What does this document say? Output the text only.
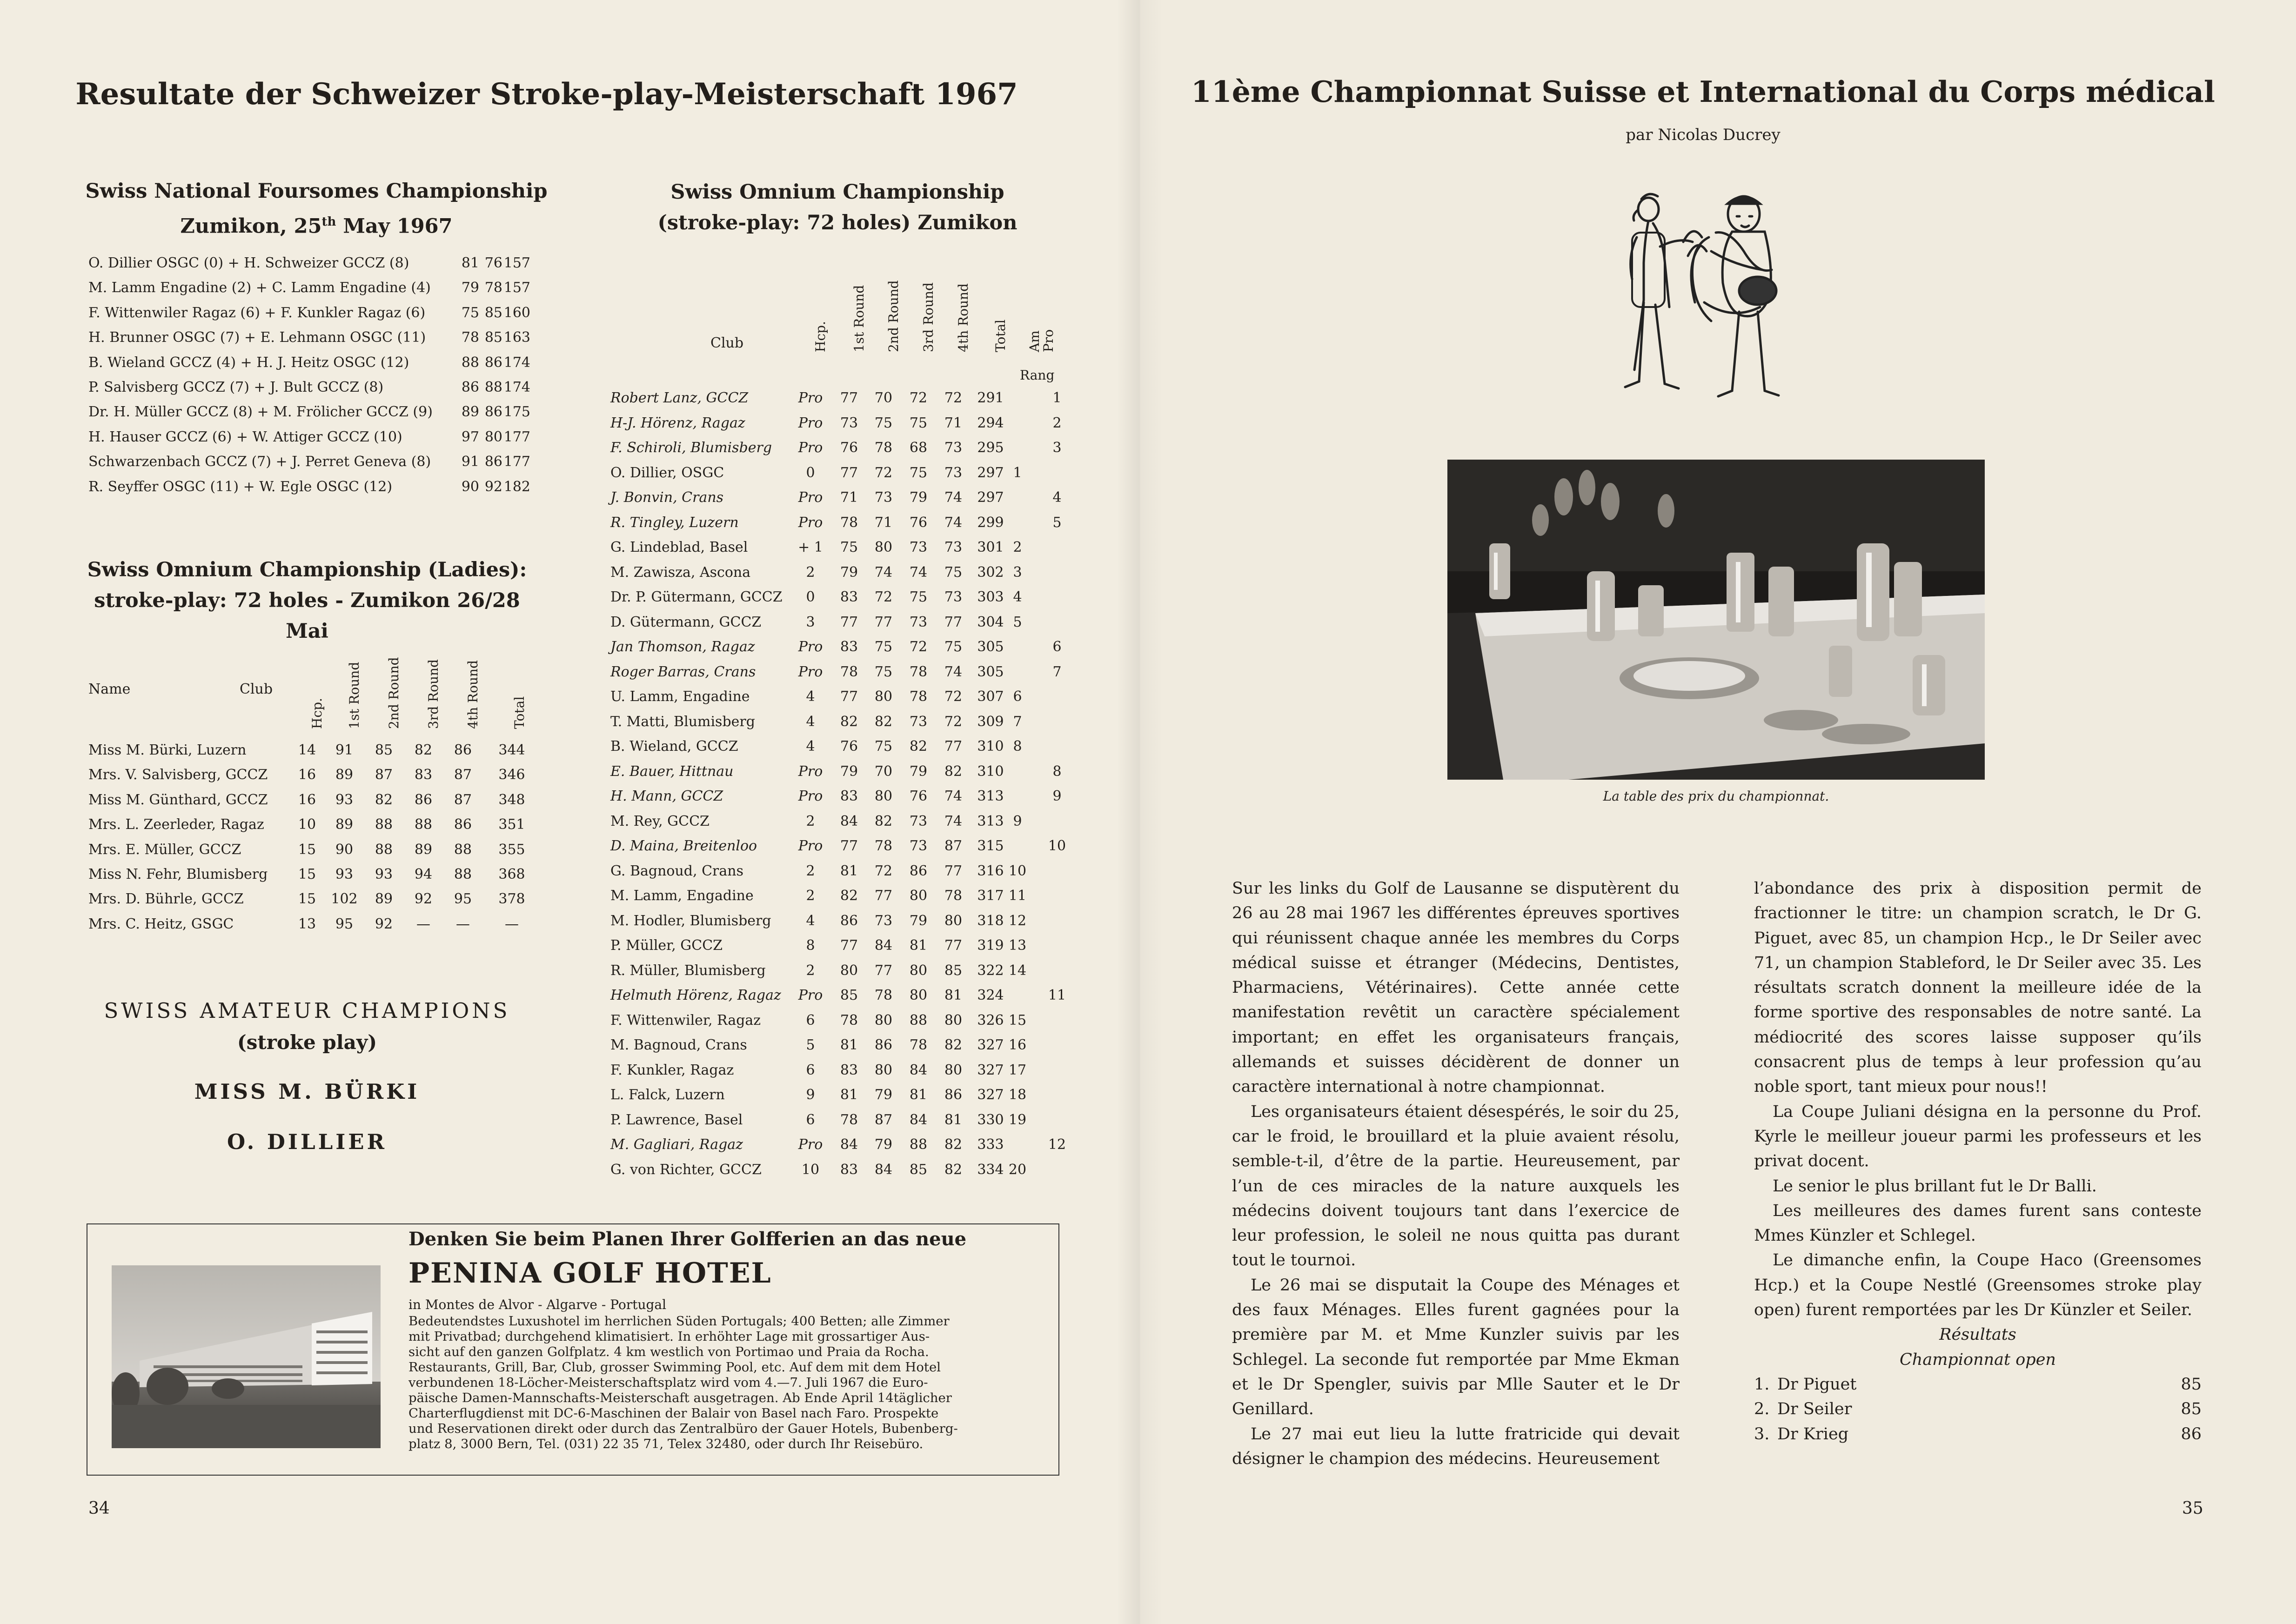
Resultate der Schweizer Stroke-play-Meisterschaft 1967
Swiss National Foursomes Championship
Zumikon, 25th May 1967
O. Dillier OSGC (0) + H. Schweizer GCCZ (8)	81 76 157
M. Lamm Engadine (2) + C. Lamm Engadine (4)	79 78 157
F. Wittenwiler Ragaz (6) + F. Kunkler Ragaz (6)	75 85 160
H. Brunner OSGC (7) + E. Lehmann OSGC (11)	78 85 163
B. Wieland GCCZ (4) + H. J. Heitz OSGC (12)	88 86 174
P. Salvisberg GCCZ (7) + J. Bult GCCZ (8)	86 88 174
Dr. H. Müller GCCZ (8) + M. Frölicher GCCZ (9)	89 86 175
H. Hauser GCCZ (6) + W. Attiger GCCZ (10)	97 80 177
Schwarzenbach GCCZ (7) + J. Perret Geneva (8)	91 86 177
R. Seyffer OSGC (11) + W. Egle OSGC (12)	90 92 182
Swiss Omnium Championship (Ladies):
stroke-play: 72 holes - Zumikon 26/28 Mai
Name	Club
Hcp. 1st Round 2nd Round 3rd Round 4th Round Total
Miss M. Bürki, Luzern	14	91	85	82	86	344
Mrs. V. Salvisberg, GCCZ	16	89	87	83	87	346
Miss M. Günthard, GCCZ	16	93	82	86	87	348
Mrs. L. Zeerleder, Ragaz	10	89	88	88	86	351
Mrs. E. Müller, GCCZ	15	90	88	89	88	355
Miss N. Fehr, Blumisberg	15	93	93	94	88	368
Mrs. D. Bührle, GCCZ	15	102	89	92	95	378
Mrs. C. Heitz, GSGC	13	95	92	—	—	—
SWISS AMATEUR CHAMPIONS
(stroke play)
MISS M. BÜRKI
O. DILLIER
Swiss Omnium Championship
(stroke-play: 72 holes) Zumikon
Club	Hcp. 1st Round 2nd Round 3rd Round 4th Round Total Am
Pro
Rang
Robert Lanz, GCCZ	Pro	77	70	72	72	291	1
H-J. Hörenz, Ragaz	Pro	73	75	75	71	294	2
F. Schiroli, Blumisberg	Pro	76	78	68	73	295	3
O. Dillier, OSGC	0	77	72	75	73	297 1
J. Bonvin, Crans	Pro	71	73	79	74	297	4
R. Tingley, Luzern	Pro	78	71	76	74	299	5
G. Lindeblad, Basel	+ 1	75	80	73	73	301 2
M. Zawisza, Ascona	2	79	74	74	75	302 3
Dr. P. Gütermann, GCCZ	0	83	72	75	73	303 4
D. Gütermann, GCCZ	3	77	77	73	77	304 5
Jan Thomson, Ragaz	Pro	83	75	72	75	305	6
Roger Barras, Crans	Pro	78	75	78	74	305	7
U. Lamm, Engadine	4	77	80	78	72	307 6
T. Matti, Blumisberg	4	82	82	73	72	309 7
B. Wieland, GCCZ	4	76	75	82	77	310 8
E. Bauer, Hittnau	Pro	79	70	79	82	310	8
H. Mann, GCCZ	Pro	83	80	76	74	313	9
M. Rey, GCCZ	2	84	82	73	74	313 9
D. Maina, Breitenloo	Pro	77	78	73	87	315	10
G. Bagnoud, Crans	2	81	72	86	77	316 10
M. Lamm, Engadine	2	82	77	80	78	317 11
M. Hodler, Blumisberg	4	86	73	79	80	318 12
P. Müller, GCCZ	8	77	84	81	77	319 13
R. Müller, Blumisberg	2	80	77	80	85	322 14
Helmuth Hörenz, Ragaz	Pro	85	78	80	81	324	11
F. Wittenwiler, Ragaz	6	78	80	88	80	326 15
M. Bagnoud, Crans	5	81	86	78	82	327 16
F. Kunkler, Ragaz	6	83	80	84	80	327 17
L. Falck, Luzern	9	81	79	81	86	327 18
P. Lawrence, Basel	6	78	87	84	81	330 19
M. Gagliari, Ragaz	Pro	84	79	88	82	333	12
G. von Richter, GCCZ	10	83	84	85	82	334 20
Denken Sie beim Planen Ihrer Golfferien an das neue
PENINA GOLF HOTEL
in Montes de Alvor - Algarve - Portugal
Bedeutendstes Luxushotel im herrlichen Süden Portugals; 400 Betten; alle Zimmer
mit Privatbad; durchgehend klimatisiert. In erhöhter Lage mit grossartiger Aus-
sicht auf den ganzen Golfplatz. 4 km westlich von Portimao und Praia da Rocha.
Restaurants, Grill, Bar, Club, grosser Swimming Pool, etc. Auf dem mit dem Hotel
verbundenen 18-Löcher-Meisterschaftsplatz wird vom 4.—7. Juli 1967 die Euro-
päische Damen-Mannschafts-Meisterschaft ausgetragen. Ab Ende April 14täglicher
Charterflugdienst mit DC-6-Maschinen der Balair von Basel nach Faro. Prospekte
und Reservationen direkt oder durch das Zentralbüro der Gauer Hotels, Bubenberg-
platz 8, 3000 Bern, Tel. (031) 22 35 71, Telex 32480, oder durch Ihr Reisebüro.
34
11ème Championnat Suisse et International du Corps médical
par Nicolas Ducrey
La table des prix du championnat.

Sur les links du Golf de Lausanne se disputèrent du 26 au 28 mai 1967 les différentes épreuves sportives qui réunissent chaque année les membres du Corps médical suisse et étranger (Médecins, Dentistes, Pharmaciens, Vétérinaires). Cette année cette manifestation revêtit un caractère spécialement important; en effet les organisateurs français, allemands et suisses décidèrent de donner un caractère international à notre championnat.

Les organisateurs étaient désespérés, le soir du 25, car le froid, le brouillard et la pluie avaient résolu, semble-t-il, d’être de la partie. Heureusement, par l’un de ces miracles de la nature auxquels les médecins doivent toujours tant dans l’exercice de leur profession, le soleil ne nous quitta pas durant tout le tournoi.

Le 26 mai se disputait la Coupe des Ménages et des faux Ménages. Elles furent gagnées pour la première par M. et Mme Kunzler suivis par les Schlegel. La seconde fut remportée par Mme Ekman et le Dr Spengler, suivis par Mlle Sauter et le Dr Genillard.

Le 27 mai eut lieu la lutte fratricide qui devait désigner le champion des médecins. Heureusement

l’abondance des prix à disposition permit de fractionner le titre: un champion scratch, le Dr G. Piguet, avec 85, un champion Hcp., le Dr Seiler avec 71, un champion Stableford, le Dr Seiler avec 35. Les résultats scratch donnent la meilleure idée de la forme sportive des responsables de notre santé. La médiocrité des scores laisse supposer qu’ils consacrent plus de temps à leur profession qu’au noble sport, tant mieux pour nous!!

La Coupe Juliani désigna en la personne du Prof. Kyrle le meilleur joueur parmi les professeurs et les privat docent.

Le senior le plus brillant fut le Dr Balli.

Les meilleures des dames furent sans conteste Mmes Künzler et Schlegel.

Le dimanche enfin, la Coupe Haco (Greensomes Hcp.) et la Coupe Nestlé (Greensomes stroke play open) furent remportées par les Dr Künzler et Seiler.

Résultats
Championnat open
1. Dr Piguet	85
2. Dr Seiler	85
3. Dr Krieg	86
35
